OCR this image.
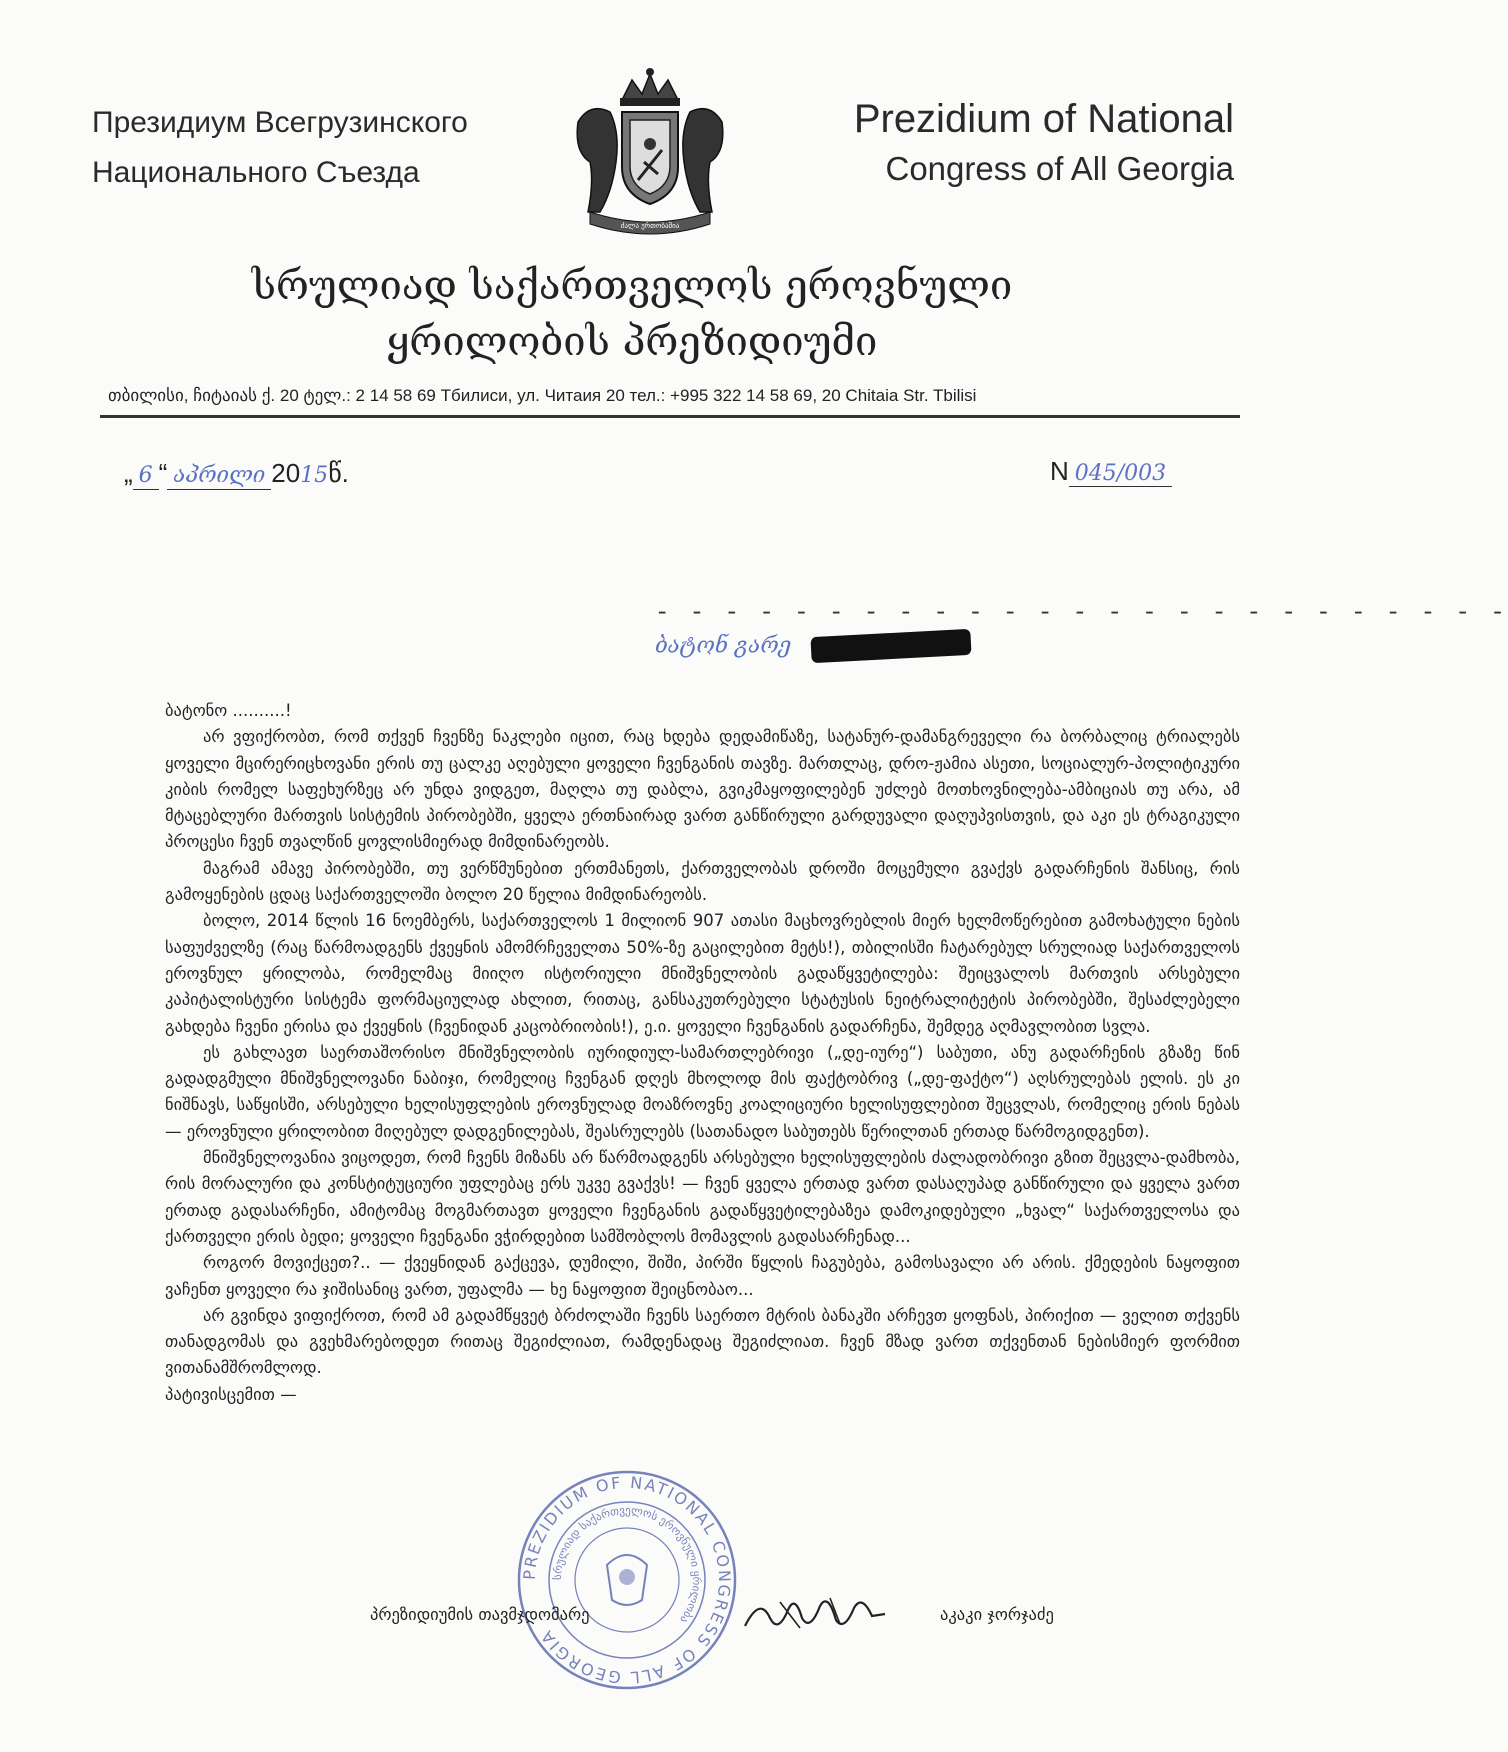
Президиум Всегрузинского
Национального Съезда
ძალა ერთობაშია
Prezidium of National
Congress of All Georgia
სრულიად საქართველოს ეროვნული
ყრილობის პრეზიდიუმი
თბილისი, ჩიტაიას ქ. 20 ტელ.: 2 14 58 69 Тбилиси, ул. Читаия 20 тел.: +995 322 14 58 69, 20 Chitaia Str. Tbilisi
„ 6 “ აპრილი 2015წ.	N 045/003
- - - - - - - - - - - - - - - - - - - - - - - - -
ბატონ გარე

ბატონო ..........!

არ ვფიქრობთ, რომ თქვენ ჩვენზე ნაკლები იცით, რაც ხდება დედამიწაზე, სატანურ-დამანგრეველი რა ბორბალიც ტრიალებს ყოველი მცირერიცხოვანი ერის თუ ცალკე აღებული ყოველი ჩვენგანის თავზე. მართლაც, დრო-ჟამია ასეთი, სოციალურ-პოლიტიკური კიბის რომელ საფეხურზეც არ უნდა ვიდგეთ, მაღლა თუ დაბლა, გვიკმაყოფილებენ უძლებ მოთხოვნილება-ამბიციას თუ არა, ამ მტაცებლური მართვის სისტემის პირობებში, ყველა ერთნაირად ვართ განწირული გარდუვალი დაღუპვისთვის, და აკი ეს ტრაგიკული პროცესი ჩვენ თვალწინ ყოვლისმიერად მიმდინარეობს.

მაგრამ ამავე პირობებში, თუ ვერწმუნებით ერთმანეთს, ქართველობას დროში მოცემული გვაქვს გადარჩენის შანსიც, რის გამოყენების ცდაც საქართველოში ბოლო 20 წელია მიმდინარეობს.

ბოლო, 2014 წლის 16 ნოემბერს, საქართველოს 1 მილიონ 907 ათასი მაცხოვრებლის მიერ ხელმოწერებით გამოხატული ნების საფუძველზე (რაც წარმოადგენს ქვეყნის ამომრჩეველთა 50%-ზე გაცილებით მეტს!), თბილისში ჩატარებულ სრულიად საქართველოს ეროვნულ ყრილობა, რომელმაც მიიღო ისტორიული მნიშვნელობის გადაწყვეტილება: შეიცვალოს მართვის არსებული კაპიტალისტური სისტემა ფორმაციულად ახლით, რითაც, განსაკუთრებული სტატუსის ნეიტრალიტეტის პირობებში, შესაძლებელი გახდება ჩვენი ერისა და ქვეყნის (ჩვენიდან კაცობრიობის!), ე.ი. ყოველი ჩვენგანის გადარჩენა, შემდეგ აღმავლობით სვლა.

ეს გახლავთ საერთაშორისო მნიშვნელობის იურიდიულ-სამართლებრივი („დე-იურე“) საბუთი, ანუ გადარჩენის გზაზე წინ გადადგმული მნიშვნელოვანი ნაბიჯი, რომელიც ჩვენგან დღეს მხოლოდ მის ფაქტობრივ („დე-ფაქტო“) აღსრულებას ელის. ეს კი ნიშნავს, საწყისში, არსებული ხელისუფლების ეროვნულად მოაზროვნე კოალიციური ხელისუფლებით შეცვლას, რომელიც ერის ნებას — ეროვნული ყრილობით მიღებულ დადგენილებას, შეასრულებს (სათანადო საბუთებს წერილთან ერთად წარმოგიდგენთ).

მნიშვნელოვანია ვიცოდეთ, რომ ჩვენს მიზანს არ წარმოადგენს არსებული ხელისუფლების ძალადობრივი გზით შეცვლა-დამხობა, რის მორალური და კონსტიტუციური უფლებაც ერს უკვე გვაქვს! — ჩვენ ყველა ერთად ვართ დასაღუპად განწირული და ყველა ვართ ერთად გადასარჩენი, ამიტომაც მოგმართავთ ყოველი ჩვენგანის გადაწყვეტილებაზეა დამოკიდებული „ხვალ“ საქართველოსა და ქართველი ერის ბედი; ყოველი ჩვენგანი ვჭირდებით სამშობლოს მომავლის გადასარჩენად...

როგორ მოვიქცეთ?.. — ქვეყნიდან გაქცევა, დუმილი, შიში, პირში წყლის ჩაგუბება, გამოსავალი არ არის. ქმედების ნაყოფით ვაჩენთ ყოველი რა ჯიშისანიც ვართ, უფალმა — ხე ნაყოფით შეიცნობაო...

არ გვინდა ვიფიქროთ, რომ ამ გადამწყვეტ ბრძოლაში ჩვენს საერთო მტრის ბანაკში არჩევთ ყოფნას, პირიქით — ველით თქვენს თანადგომას და გვეხმარებოდეთ რითაც შეგიძლიათ, რამდენადაც შეგიძლიათ. ჩვენ მზად ვართ თქვენთან ნებისმიერ ფორმით ვითანამშრომლოდ.

პატივისცემით —

PREZIDIUM OF NATIONAL CONGRESS OF ALL GEORGIA
სრულიად საქართველოს ეროვნული ყრილობა
პრეზიდიუმის თავმჯდომარე	აკაკი ჯორჯაძე
